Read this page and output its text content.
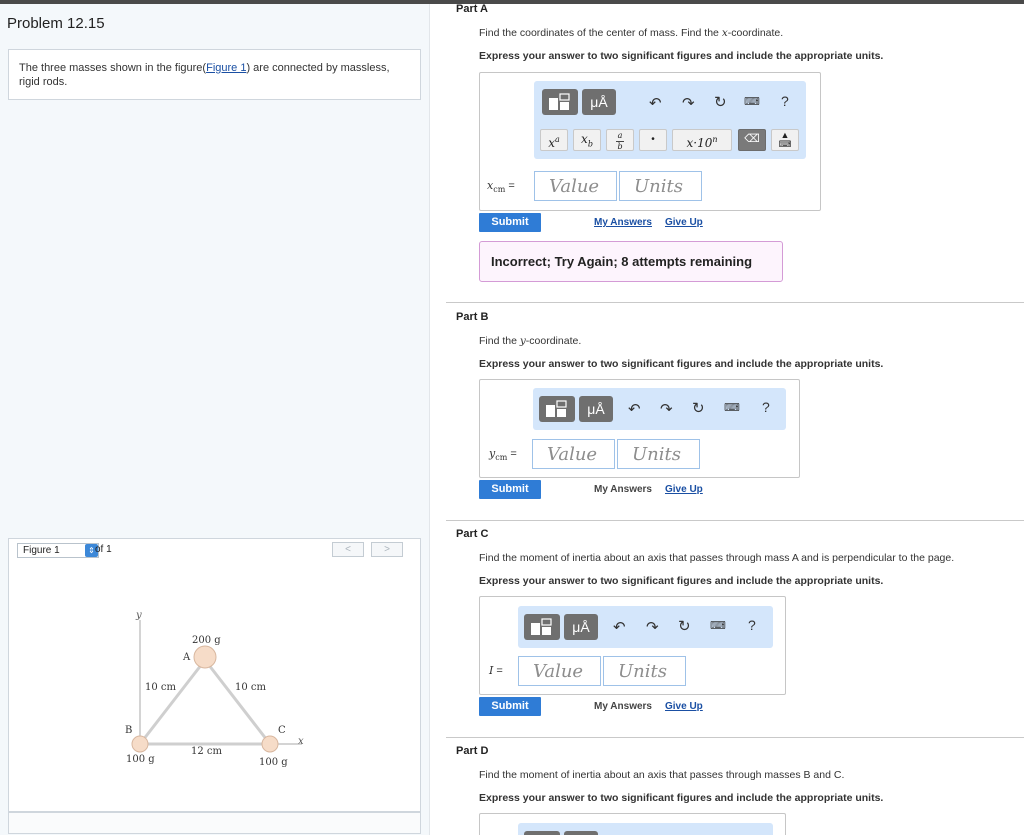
Problem 12.15
The three masses shown in the figure(Figure 1) are connected by massless, rigid rods.
Figure 1	⇕ of 1	<	>
y
x
200 g
A
B
100 g
C
100 g
10 cm	10 cm
12 cm
Part A
Find the coordinates of the center of mass. Find the x-coordinate.
Express your answer to two significant figures and include the appropriate units.
μÅ	↶ ↷ ↻ ⌨ ?
$x^a$	$x_b$
a
b
•	$x\cdot 10^n$	⌫	▲
⌨
$x_{cm}$ =	Value	Units
Submit	My Answers Give Up
Incorrect; Try Again; 8 attempts remaining
Part B
Find the y-coordinate.
Express your answer to two significant figures and include the appropriate units.
μÅ	↶ ↷ ↻ ⌨ ?
$y_{cm}$ =	Value	Units
Submit	My Answers Give Up
Part C
Find the moment of inertia about an axis that passes through mass A and is perpendicular to the page.
Express your answer to two significant figures and include the appropriate units.
μÅ	↶ ↷ ↻ ⌨ ?
I =	Value	Units
Submit	My Answers Give Up
Part D
Find the moment of inertia about an axis that passes through masses B and C.
Express your answer to two significant figures and include the appropriate units.
